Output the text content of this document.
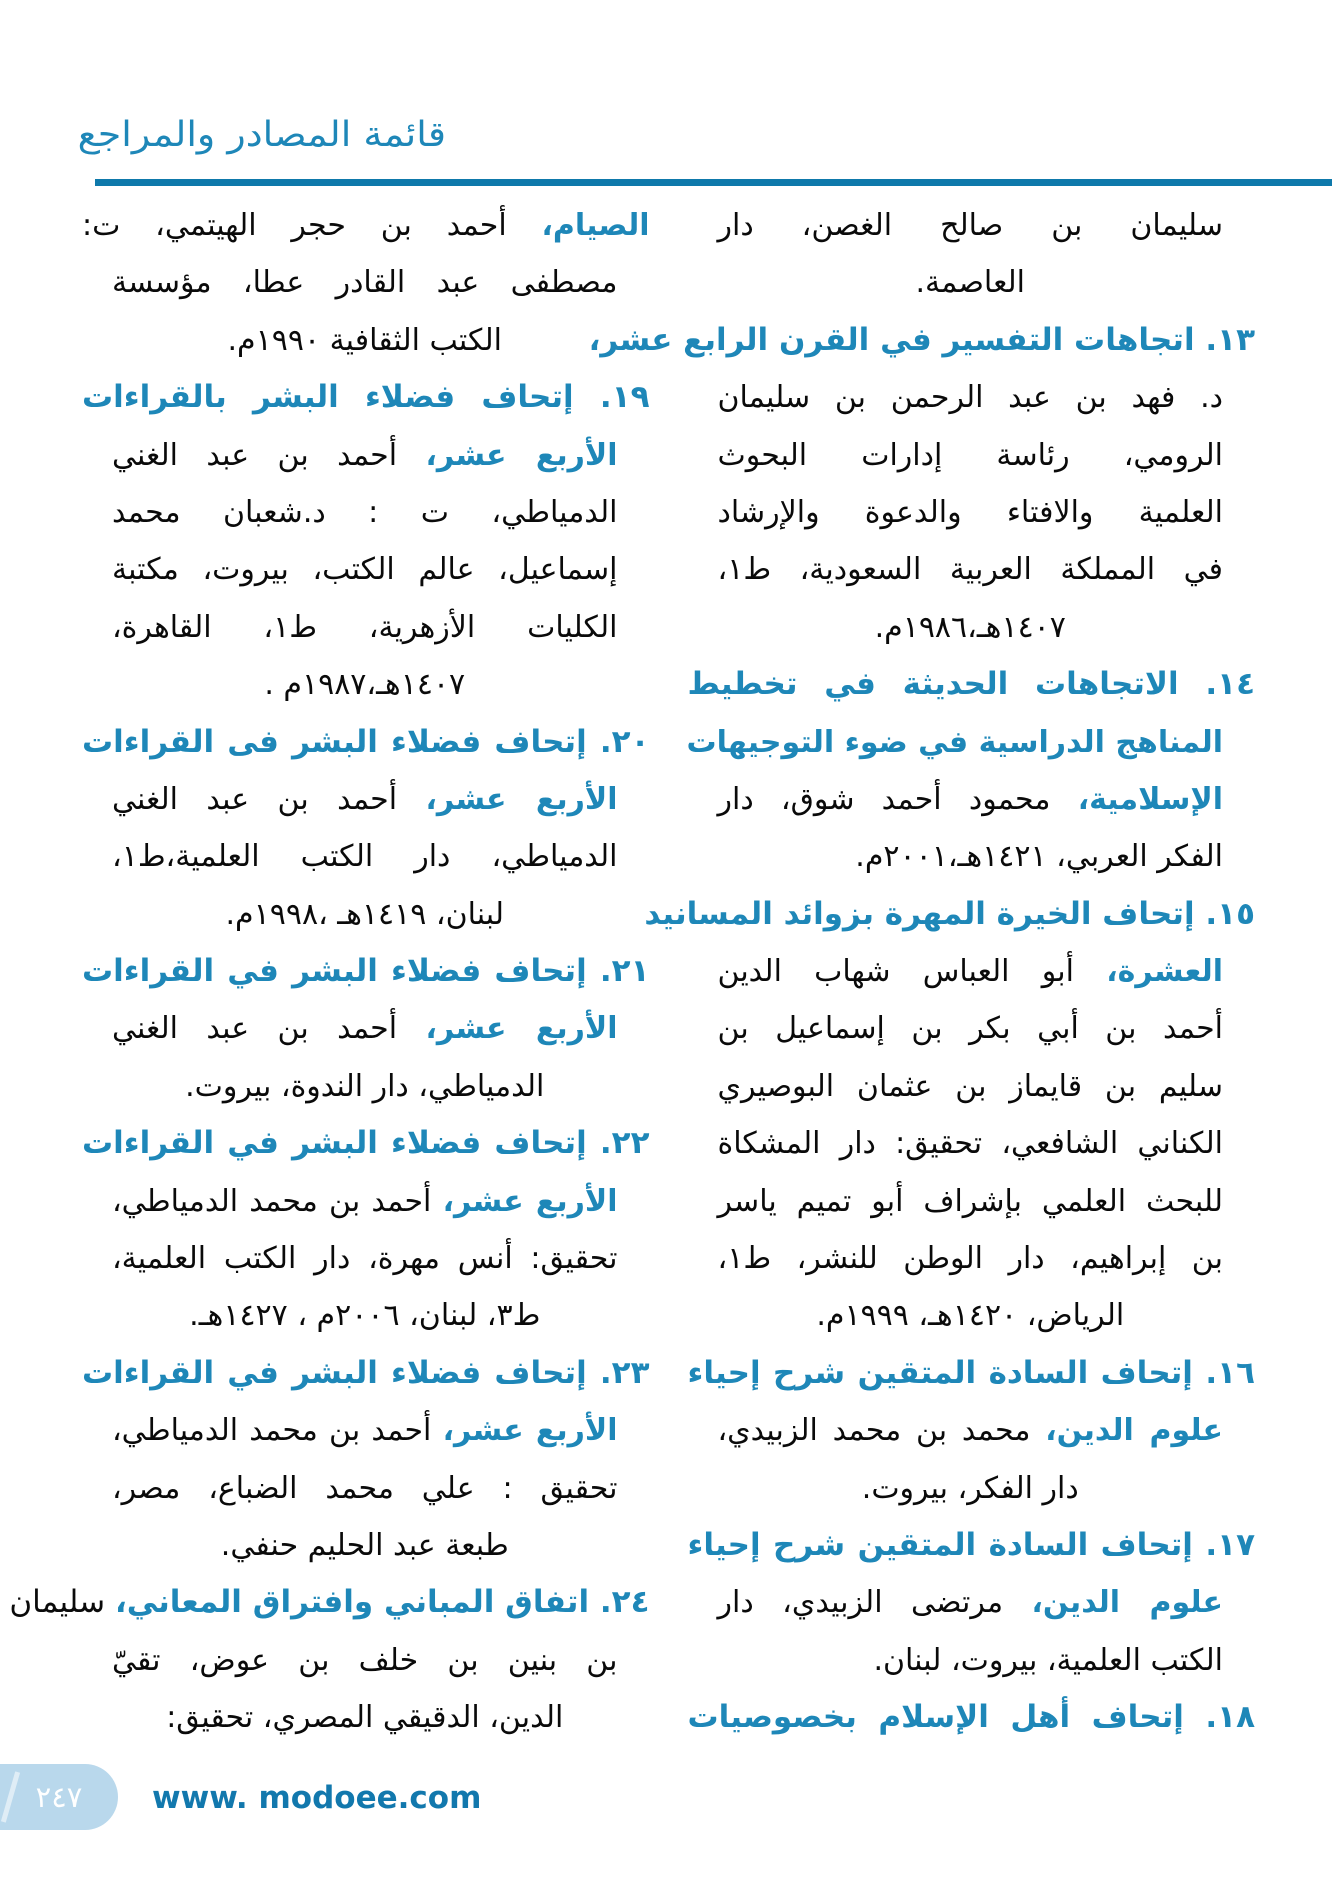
قائمة المصادر والمراجع
سليمان بن صالح الغصن، دار
العاصمة.
١٣. اتجاهات التفسير في القرن الرابع عشر،
د. فهد بن عبد الرحمن بن سليمان
الرومي، رئاسة إدارات البحوث
العلمية والافتاء والدعوة والإرشاد
في المملكة العربية السعودية، ط١،
١٤٠٧هـ،١٩٨٦م.
١٤. الاتجاهات الحديثة في تخطيط
المناهج الدراسية في ضوء التوجيهات
الإسلامية، محمود أحمد شوق، دار
الفكر العربي، ١٤٢١هـ،٢٠٠١م.
١٥. إتحاف الخيرة المهرة بزوائد المسانيد
العشرة، أبو العباس شهاب الدين
أحمد بن أبي بكر بن إسماعيل بن
سليم بن قايماز بن عثمان البوصيري
الكناني الشافعي، تحقيق: دار المشكاة
للبحث العلمي بإشراف أبو تميم ياسر
بن إبراهيم، دار الوطن للنشر، ط١،
الرياض، ١٤٢٠هـ، ١٩٩٩م.
١٦. إتحاف السادة المتقين شرح إحياء
علوم الدين، محمد بن محمد الزبيدي،
دار الفكر، بيروت.
١٧. إتحاف السادة المتقين شرح إحياء
علوم الدين، مرتضى الزبيدي، دار
الكتب العلمية، بيروت، لبنان.
١٨. إتحاف أهل الإسلام بخصوصيات
الصيام، أحمد بن حجر الهيتمي، ت:
مصطفى عبد القادر عطا، مؤسسة
الكتب الثقافية ١٩٩٠م.
١٩. إتحاف فضلاء البشر بالقراءات
الأربع عشر، أحمد بن عبد الغني
الدمياطي، ت : د.شعبان محمد
إسماعيل، عالم الكتب، بيروت، مكتبة
الكليات الأزهرية، ط١، القاهرة،
١٤٠٧هـ،١٩٨٧م .
٢٠. إتحاف فضلاء البشر فى القراءات
الأربع عشر، أحمد بن عبد الغني
الدمياطي، دار الكتب العلمية،ط١،
لبنان، ١٤١٩هـ ،١٩٩٨م.
٢١. إتحاف فضلاء البشر في القراءات
الأربع عشر، أحمد بن عبد الغني
الدمياطي، دار الندوة، بيروت.
٢٢. إتحاف فضلاء البشر في القراءات
الأربع عشر، أحمد بن محمد الدمياطي،
تحقيق: أنس مهرة، دار الكتب العلمية،
ط٣، لبنان، ٢٠٠٦م ، ١٤٢٧هـ.
٢٣. إتحاف فضلاء البشر في القراءات
الأربع عشر، أحمد بن محمد الدمياطي،
تحقيق : علي محمد الضباع، مصر،
طبعة عبد الحليم حنفي.
٢٤. اتفاق المباني وافتراق المعاني، سليمان
بن بنين بن خلف بن عوض، تقيّ
الدين، الدقيقي المصري، تحقيق:
٢٤٧ www. modoee.com
